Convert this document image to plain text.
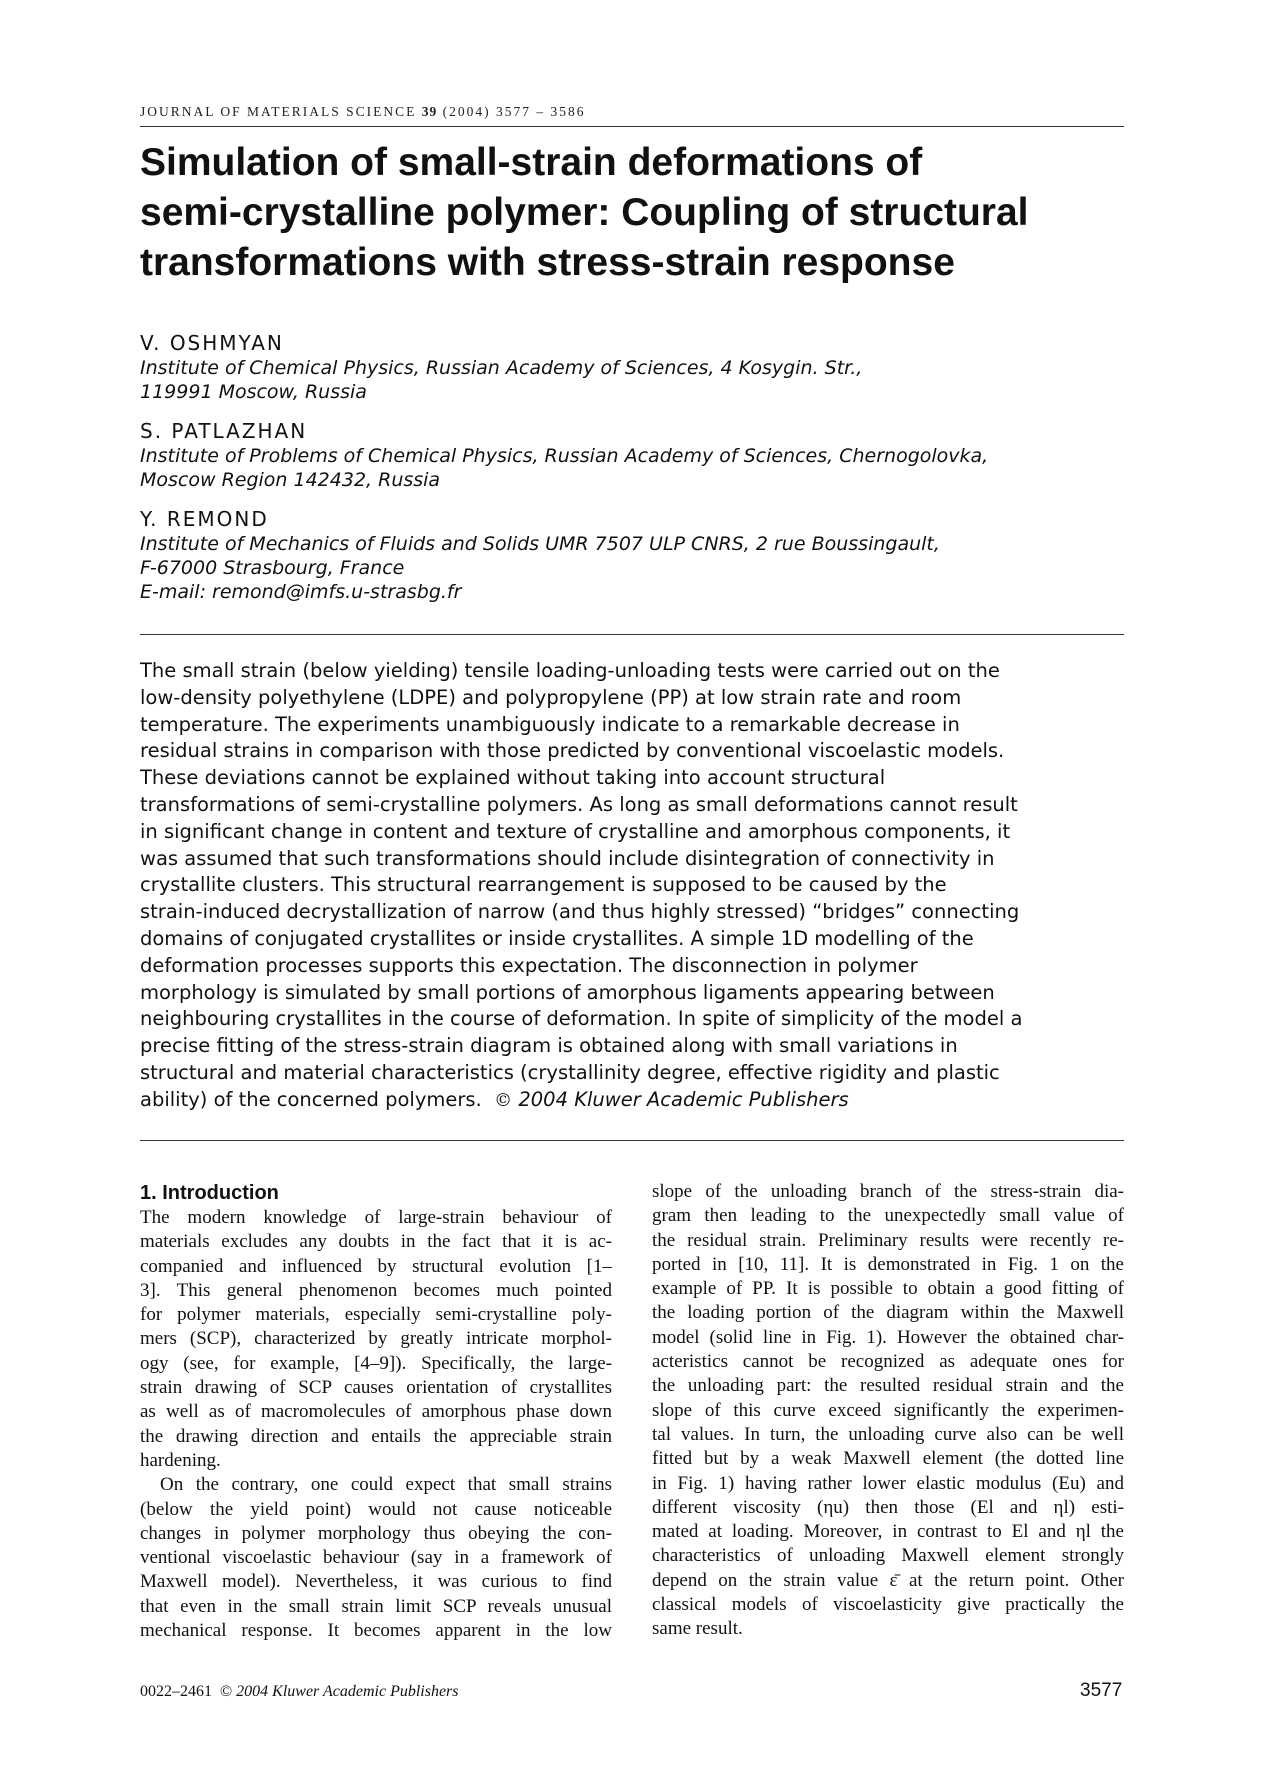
JOURNAL OF MATERIALS SCIENCE 39 (2004) 3577 – 3586
Simulation of small-strain deformations of
semi-crystalline polymer: Coupling of structural
transformations with stress-strain response
V. OSHMYAN
Institute of Chemical Physics, Russian Academy of Sciences, 4 Kosygin. Str.,
119991 Moscow, Russia
S. PATLAZHAN
Institute of Problems of Chemical Physics, Russian Academy of Sciences, Chernogolovka,
Moscow Region 142432, Russia
Y. REMOND
Institute of Mechanics of Fluids and Solids UMR 7507 ULP CNRS, 2 rue Boussingault,
F-67000 Strasbourg, France
E-mail: remond@imfs.u-strasbg.fr
The small strain (below yielding) tensile loading-unloading tests were carried out on the
low-density polyethylene (LDPE) and polypropylene (PP) at low strain rate and room
temperature. The experiments unambiguously indicate to a remarkable decrease in
residual strains in comparison with those predicted by conventional viscoelastic models.
These deviations cannot be explained without taking into account structural
transformations of semi-crystalline polymers. As long as small deformations cannot result
in significant change in content and texture of crystalline and amorphous components, it
was assumed that such transformations should include disintegration of connectivity in
crystallite clusters. This structural rearrangement is supposed to be caused by the
strain-induced decrystallization of narrow (and thus highly stressed) “bridges” connecting
domains of conjugated crystallites or inside crystallites. A simple 1D modelling of the
deformation processes supports this expectation. The disconnection in polymer
morphology is simulated by small portions of amorphous ligaments appearing between
neighbouring crystallites in the course of deformation. In spite of simplicity of the model a
precise fitting of the stress-strain diagram is obtained along with small variations in
structural and material characteristics (crystallinity degree, effective rigidity and plastic
ability) of the concerned polymers. © 2004 Kluwer Academic Publishers
1. Introduction
The modern knowledge of large-strain behaviour of
materials excludes any doubts in the fact that it is ac-
companied and influenced by structural evolution [1–
3]. This general phenomenon becomes much pointed
for polymer materials, especially semi-crystalline poly-
mers (SCP), characterized by greatly intricate morphol-
ogy (see, for example, [4–9]). Specifically, the large-
strain drawing of SCP causes orientation of crystallites
as well as of macromolecules of amorphous phase down
the drawing direction and entails the appreciable strain
hardening.
On the contrary, one could expect that small strains
(below the yield point) would not cause noticeable
changes in polymer morphology thus obeying the con-
ventional viscoelastic behaviour (say in a framework of
Maxwell model). Nevertheless, it was curious to find
that even in the small strain limit SCP reveals unusual
mechanical response. It becomes apparent in the low
slope of the unloading branch of the stress-strain dia-
gram then leading to the unexpectedly small value of
the residual strain. Preliminary results were recently re-
ported in [10, 11]. It is demonstrated in Fig. 1 on the
example of PP. It is possible to obtain a good fitting of
the loading portion of the diagram within the Maxwell
model (solid line in Fig. 1). However the obtained char-
acteristics cannot be recognized as adequate ones for
the unloading part: the resulted residual strain and the
slope of this curve exceed significantly the experimen-
tal values. In turn, the unloading curve also can be well
fitted but by a weak Maxwell element (the dotted line
in Fig. 1) having rather lower elastic modulus (Eu) and
different viscosity (ηu) then those (El and ηl) esti-
mated at loading. Moreover, in contrast to El and ηl the
characteristics of unloading Maxwell element strongly
depend on the strain value ε̄ at the return point. Other
classical models of viscoelasticity give practically the
same result.
0022–2461 © 2004 Kluwer Academic Publishers	3577
